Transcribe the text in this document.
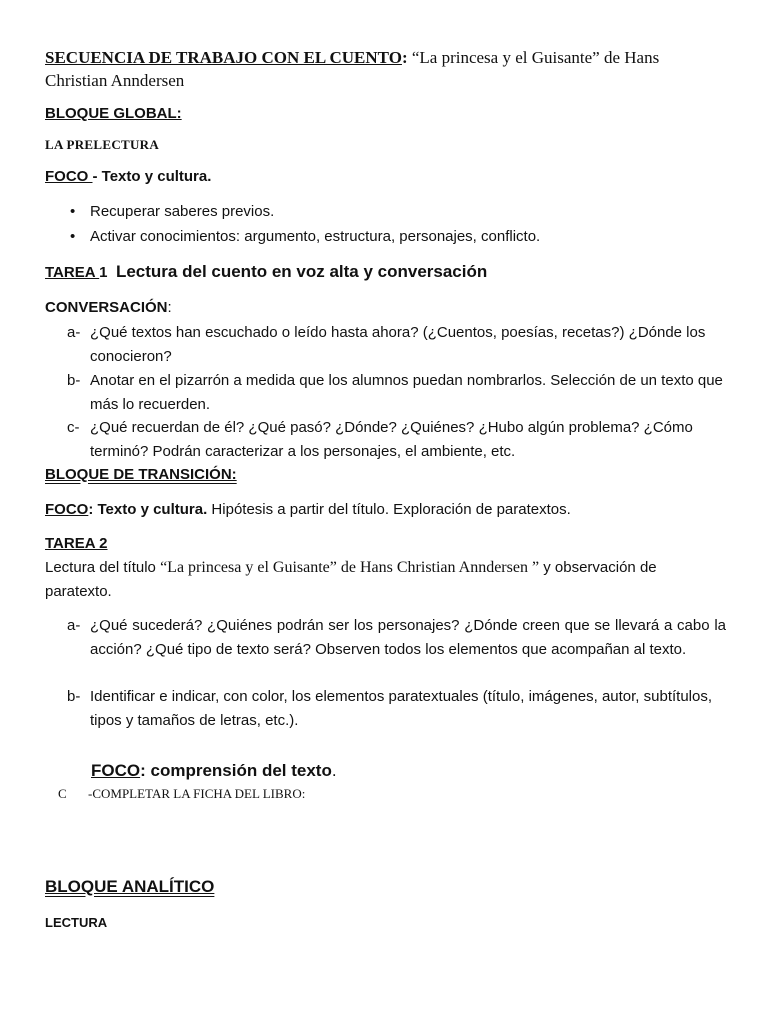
SECUENCIA DE TRABAJO CON EL CUENTO: “La princesa y el Guisante” de Hans
Christian Anndersen
BLOQUE GLOBAL:
LA PRELECTURA
FOCO - Texto y cultura.
• Recuperar saberes previos.
• Activar conocimientos: argumento, estructura, personajes, conflicto.
TAREA 1 Lectura del cuento en voz alta y conversación
CONVERSACIÓN:
a- ¿Qué textos han escuchado o leído hasta ahora? (¿Cuentos, poesías, recetas?) ¿Dónde los conocieron?
b- Anotar en el pizarrón a medida que los alumnos puedan nombrarlos. Selección de un texto que más lo recuerden.
c- ¿Qué recuerdan de él? ¿Qué pasó? ¿Dónde? ¿Quiénes? ¿Hubo algún problema? ¿Cómo terminó? Podrán caracterizar a los personajes, el ambiente, etc.
BLOQUE DE TRANSICIÓN:
FOCO: Texto y cultura. Hipótesis a partir del título. Exploración de paratextos.
TAREA 2
Lectura del título “La princesa y el Guisante” de Hans Christian Anndersen ” y observación de paratexto.
a- ¿Qué sucederá? ¿Quiénes podrán ser los personajes? ¿Dónde creen que se llevará a cabo la acción? ¿Qué tipo de texto será? Observen todos los elementos que acompañan al texto.
b- Identificar e indicar, con color, los elementos paratextuales (título, imágenes, autor, subtítulos, tipos y tamaños de letras, etc.).
FOCO: comprensión del texto.
C -COMPLETAR LA FICHA DEL LIBRO:
BLOQUE ANALÍTICO
LECTURA
